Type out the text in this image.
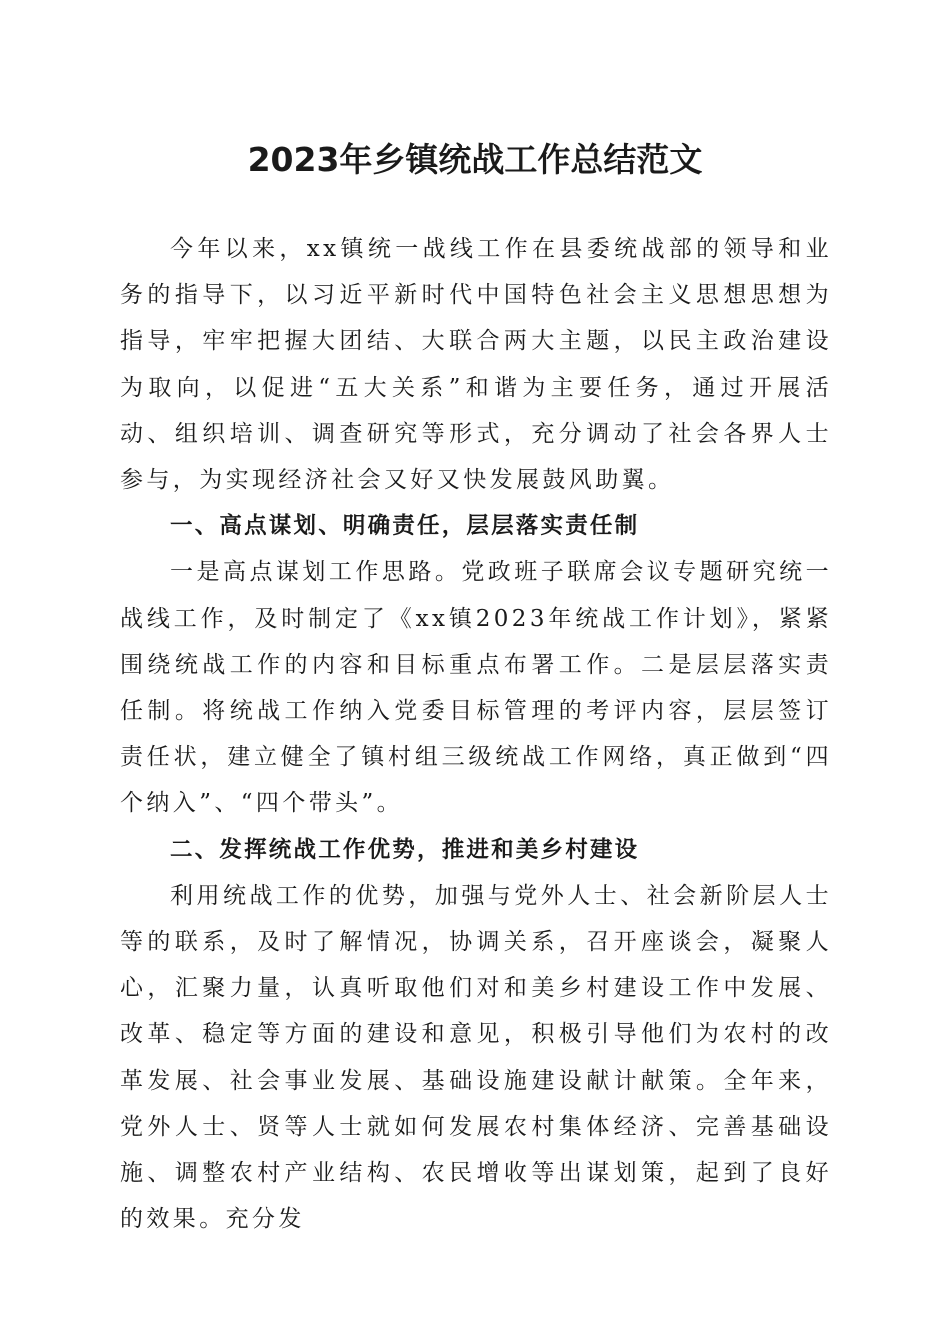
2023年乡镇统战工作总结范文

今年以来，xx镇统一战线工作在县委统战部的领导和业务的指导下，以习近平新时代中国特色社会主义思想思想为指导，牢牢把握大团结、大联合两大主题，以民主政治建设为取向，以促进“五大关系”和谐为主要任务，通过开展活动、组织培训、调查研究等形式，充分调动了社会各界人士参与，为实现经济社会又好又快发展鼓风助翼。

一、高点谋划、明确责任，层层落实责任制

一是高点谋划工作思路。党政班子联席会议专题研究统一战线工作，及时制定了《xx镇2023年统战工作计划》，紧紧围绕统战工作的内容和目标重点布署工作。二是层层落实责任制。将统战工作纳入党委目标管理的考评内容，层层签订责任状，建立健全了镇村组三级统战工作网络，真正做到“四个纳入”、“四个带头”。

二、发挥统战工作优势，推进和美乡村建设

利用统战工作的优势，加强与党外人士、社会新阶层人士等的联系，及时了解情况，协调关系，召开座谈会，凝聚人心，汇聚力量，认真听取他们对和美乡村建设工作中发展、改革、稳定等方面的建设和意见，积极引导他们为农村的改革发展、社会事业发展、基础设施建设献计献策。全年来，党外人士、贤等人士就如何发展农村集体经济、完善基础设施、调整农村产业结构、农民增收等出谋划策，起到了良好的效果。充分发
